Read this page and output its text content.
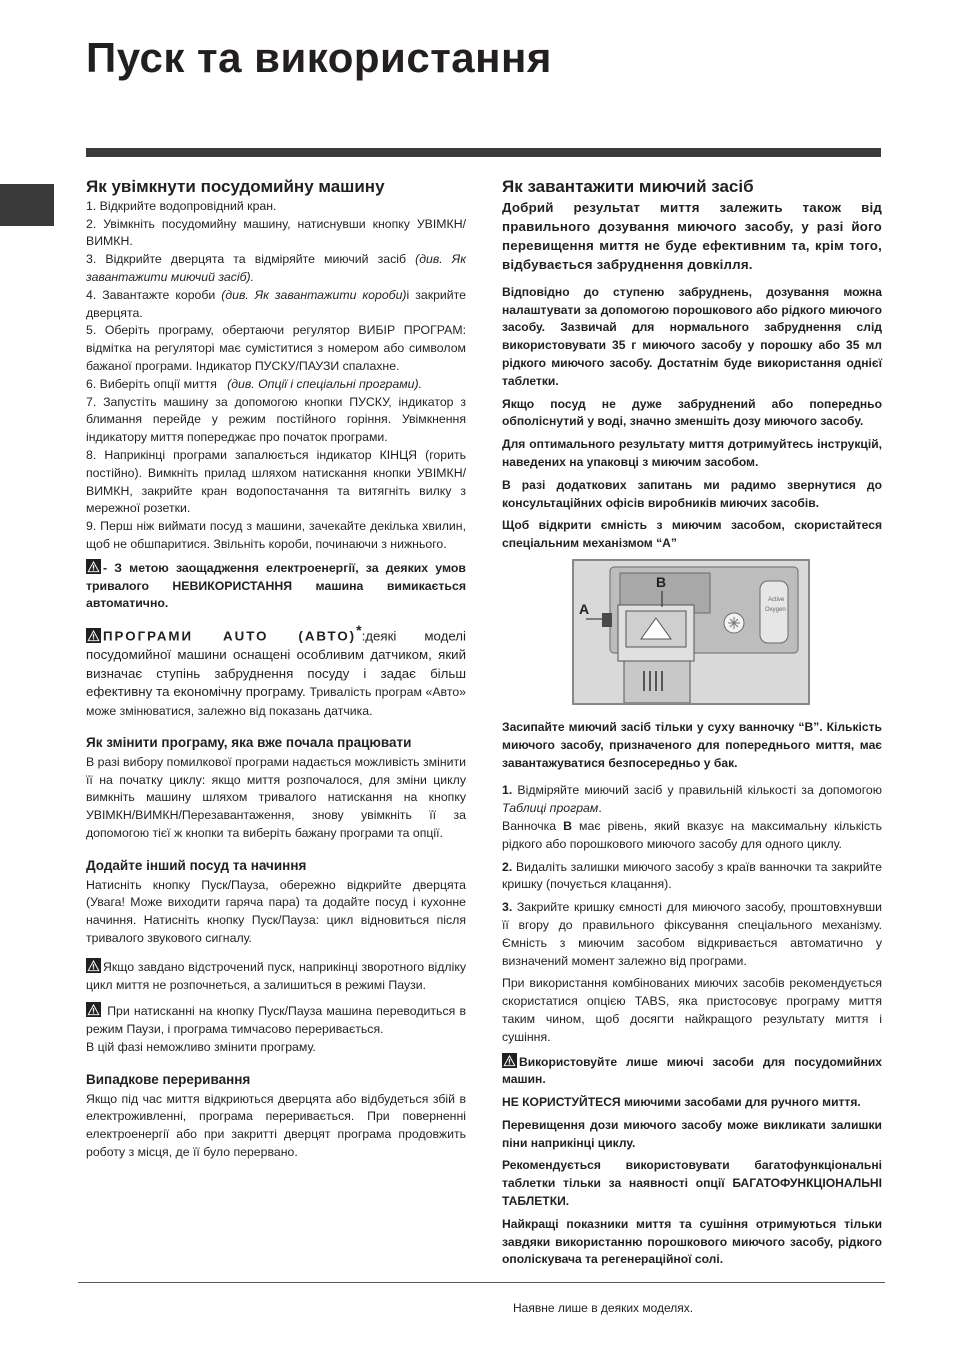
Пуск та використання
Як увімкнути посудомийну машину

1. Відкрийте водопровідний кран.

2. Увімкніть посудомийну машину, натиснувши кнопку УВІМКН/ВИМКН.

3. Відкрийте дверцята та відміряйте миючий засіб (див. Як завантажити миючий засіб).

4. Завантажте короби (див. Як завантажити короби)і закрийте дверцята.

5. Оберіть програму, обертаючи регулятор ВИБІР ПРОГРАМ: відмітка на регуляторі має суміститися з номером або символом бажаної програми. Індикатор ПУСКУ/ПАУЗИ спалахне.

6. Виберіть опції миття (див. Опції і спеціальні програми).

7. Запустіть машину за допомогою кнопки ПУСКУ, індикатор з блимання перейде у режим постійного горіння. Увімкнення індикатору миття попереджає про початок програми.

8. Наприкінці програми запалюється індикатор КІНЦЯ (горить постійно). Вимкніть прилад шляхом натискання кнопки УВІМКН/ВИМКН, закрийте кран водопостачання та витягніть вилку з мережної розетки.

9. Перш ніж виймати посуд з машини, зачекайте декілька хвилин, щоб не обшпаритися. Звільніть короби, починаючи з нижнього.

- З метою заощадження електроенергії, за деяких умов тривалого НЕВИКОРИСТАННЯ машина вимикається автоматично.

ПРОГРАМИ AUTO (АВТО)*:деякі моделі посудомийної машини оснащені особливим датчиком, який визначає ступінь забруднення посуду і задає більш ефективну та економічну програму. Тривалість програм «Авто» може змінюватися, залежно від показань датчика.

Як змінити програму, яка вже почала працювати

В разі вибору помилкової програми надається можливість змінити її на початку циклу: якщо миття розпочалося, для зміни циклу вимкніть машину шляхом тривалого натискання на кнопку УВІМКН/ВИМКН/Перезавантаження, знову увімкніть її за допомогою тієї ж кнопки та виберіть бажану програми та опції.

Додайте інший посуд та начиння

Натисніть кнопку Пуск/Пауза, обережно відкрийте дверцята (Увага! Може виходити гаряча пара) та додайте посуд і кухонне начиння. Натисніть кнопку Пуск/Пауза: цикл відновиться після тривалого звукового сигналу.

Якщо завдано відстрочений пуск, наприкінці зворотного відліку цикл миття не розпочнеться, а залишиться в режимі Паузи.

При натисканні на кнопку Пуск/Пауза машина переводиться в режим Паузи, і програма тимчасово переривається.

В цій фазі неможливо змінити програму.

Випадкове переривання

Якщо під час миття відкриються дверцята або відбудеться збій в електроживленні, програма переривається. При поверненні електроенергії або при закритті дверцят програма продовжить роботу з місця, де її було перервано.

Як завантажити миючий засіб

Добрий результат миття залежить також від правильного дозування миючого засобу, у разі його перевищення миття не буде ефективним та, крім того, відбувається забруднення довкілля.

Відповідно до ступеню забруднень, дозування можна налаштувати за допомогою порошкового або рідкого миючого засобу. Зазвичай для нормального забруднення слід використовувати 35 г миючого засобу у порошку або 35 мл рідкого миючого засобу. Достатнім буде використання однієї таблетки.

Якщо посуд не дуже забруднений або попередньо обполіснутий у воді, значно зменшіть дозу миючого засобу.

Для оптимального результату миття дотримуйтесь інструкцій, наведених на упаковці з миючим засобом.

В разі додаткових запитань ми радимо звернутися до консультаційних офісів виробників миючих засобів.

Щоб відкрити ємність з миючим засобом, скористайтеся спеціальним механізмом “А”

A
B
Active
Oxygen

Засипайте миючий засіб тільки у суху ванночку “В”. Кількість миючого засобу, призначеного для попереднього миття, має завантажуватися безпосередньо у бак.

1. Відміряйте миючий засіб у правильній кількості за допомогою Таблиці програм.

Ванночка В має рівень, який вказує на максимальну кількість рідкого або порошкового миючого засобу для одного циклу.

2. Видаліть залишки миючого засобу з країв ванночки та закрийте кришку (почується клацання).

3. Закрийте кришку ємності для миючого засобу, проштовхнувши її вгору до правильного фіксування спеціального механізму. Ємність з миючим засобом відкривається автоматично у визначений момент залежно від програми.

При використання комбінованих миючих засобів рекомендується скористатися опцією TABS, яка пристосовує програму миття таким чином, щоб досягти найкращого результату миття і сушіння.

Використовуйте лише миючі засоби для посудомийних машин.

НЕ КОРИСТУЙТЕСЯ миючими засобами для ручного миття.

Перевищення дози миючого засобу може викликати залишки піни наприкінці циклу.

Рекомендується використовувати багатофункціональні таблетки тільки за наявності опції БАГАТОФУНКЦІОНАЛЬНІ ТАБЛЕТКИ.

Найкращі показники миття та сушіння отримуються тільки завдяки використанню порошкового миючого засобу, рідкого ополіскувача та регенераційної солі.

Наявне лише в деяких моделях.
